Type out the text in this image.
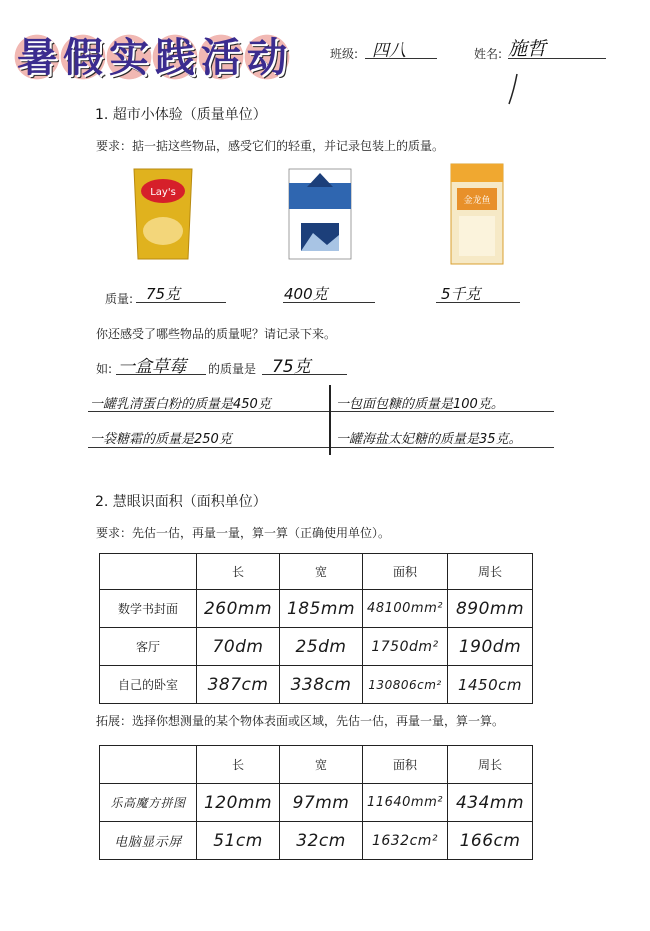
暑 假 实 践 活 动	班级: 四八	姓名: 施哲
1. 超市小体验（质量单位）
要求：掂一掂这些物品，感受它们的轻重，并记录包装上的质量。
Lay's
金龙鱼
质量: 75克	400克	5千克
你还感受了哪些物品的质量呢？请记录下来。
如: 一盒草莓 的质量是 75克
一罐乳清蛋白粉的质量是450克	一包面包糠的质量是100克。
一袋糖霜的质量是250克	一罐海盐太妃糖的质量是35克。
2. 慧眼识面积（面积单位）
要求：先估一估，再量一量，算一算（正确使用单位）。
	长	宽	面积	周长
数学书封面	260mm	185mm	48100mm²	890mm
客厅	70dm	25dm	1750dm²	190dm
自己的卧室	387cm	338cm	130806cm²	1450cm
拓展：选择你想测量的某个物体表面或区域，先估一估，再量一量，算一算。
	长	宽	面积	周长
乐高魔方拼图	120mm	97mm	11640mm²	434mm
电脑显示屏	51cm	32cm	1632cm²	166cm
